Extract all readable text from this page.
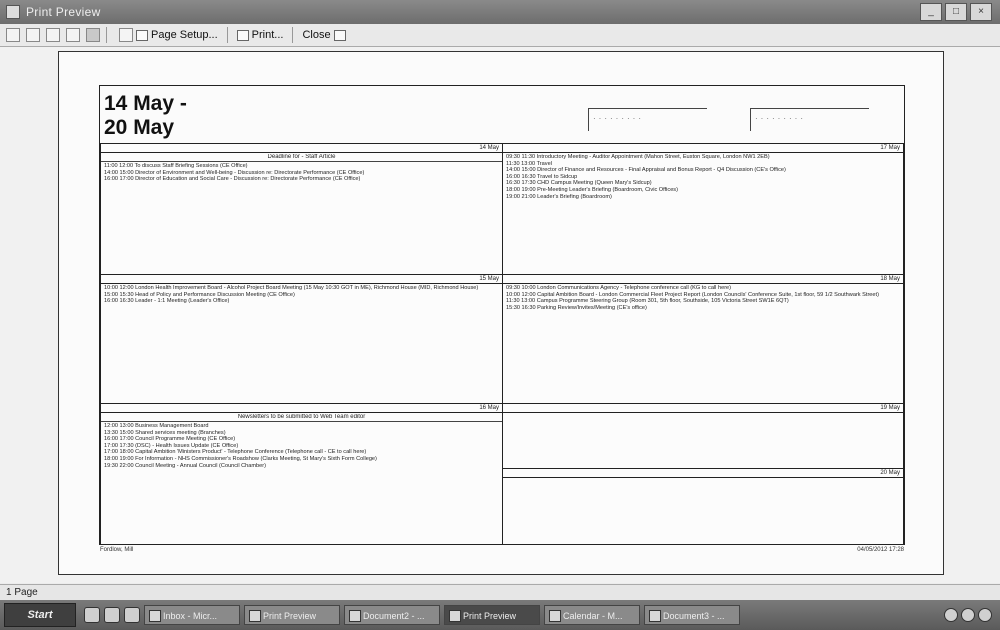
Print Preview	_	□	×
Page Setup...	Print... Close
14 May -
20 May	·········	·········
14 May
Deadline for - Staff Article
11:00 12:00 To discuss Staff Briefing Sessions (CE Office)
14:00 15:00 Director of Environment and Well-being - Discussion re: Directorate Performance (CE Office)
16:00 17:00 Director of Education and Social Care - Discussion re: Directorate Performance (CE Office)
17 May
09:30 11:30 Introductory Meeting - Auditor Appointment (Mahon Street, Euston Square, London NW1 2EB)
11:30 13:00 Travel
14:00 15:00 Director of Finance and Resources - Final Appraisal and Bonus Report - Q4 Discussion (CE's Office)
16:00 16:30 Travel to Sidcup
16:30 17:30 CHD Campus Meeting (Queen Mary's Sidcup)
18:00 19:00 Pre-Meeting Leader's Briefing (Boardroom, Civic Offices)
19:00 21:00 Leader's Briefing (Boardroom)
15 May
10:00 12:00 London Health Improvement Board - Alcohol Project Board Meeting (15 May 10:30 GOT in ME), Richmond House (MID, Richmond House)
15:00 15:30 Head of Policy and Performance Discussion Meeting (CE Office)
16:00 16:30 Leader - 1:1 Meeting (Leader's Office)
18 May
09:30 10:00 London Communications Agency - Telephone conference call (KG to call here)
10:00 12:00 Capital Ambition Board - London Commercial Fleet Project Report (London Councils' Conference Suite, 1st floor, 59 1/2 Southwark Street)
11:30 13:00 Campus Programme Steering Group (Room 301, 5th floor, Southside, 105 Victoria Street SW1E 6QT)
15:30 16:30 Parking Review/Invites/Meeting (CE's office)
16 May
Newsletters to be submitted to Web Team editor
12:00 13:00 Business Management Board
13:30 15:00 Shared services meeting (Branches)
16:00 17:00 Council Programme Meeting (CE Office)
17:00 17:30 (DSC) - Health Issues Update (CE Office)
17:00 18:00 Capital Ambition 'Ministers Product' - Telephone Conference (Telephone call - CE to call here)
18:00 19:00 For Information - NHS Commissioner's Roadshow (Clarks Meeting, St Mary's Sixth Form College)
19:30 22:00 Council Meeting - Annual Council (Council Chamber)
19 May
20 May
Fordlow, Mill	04/05/2012 17:28
1 Page
Start	Inbox - Micr...	Print Preview	Document2 - ...	Print Preview	Calendar - M...	Document3 - ...
